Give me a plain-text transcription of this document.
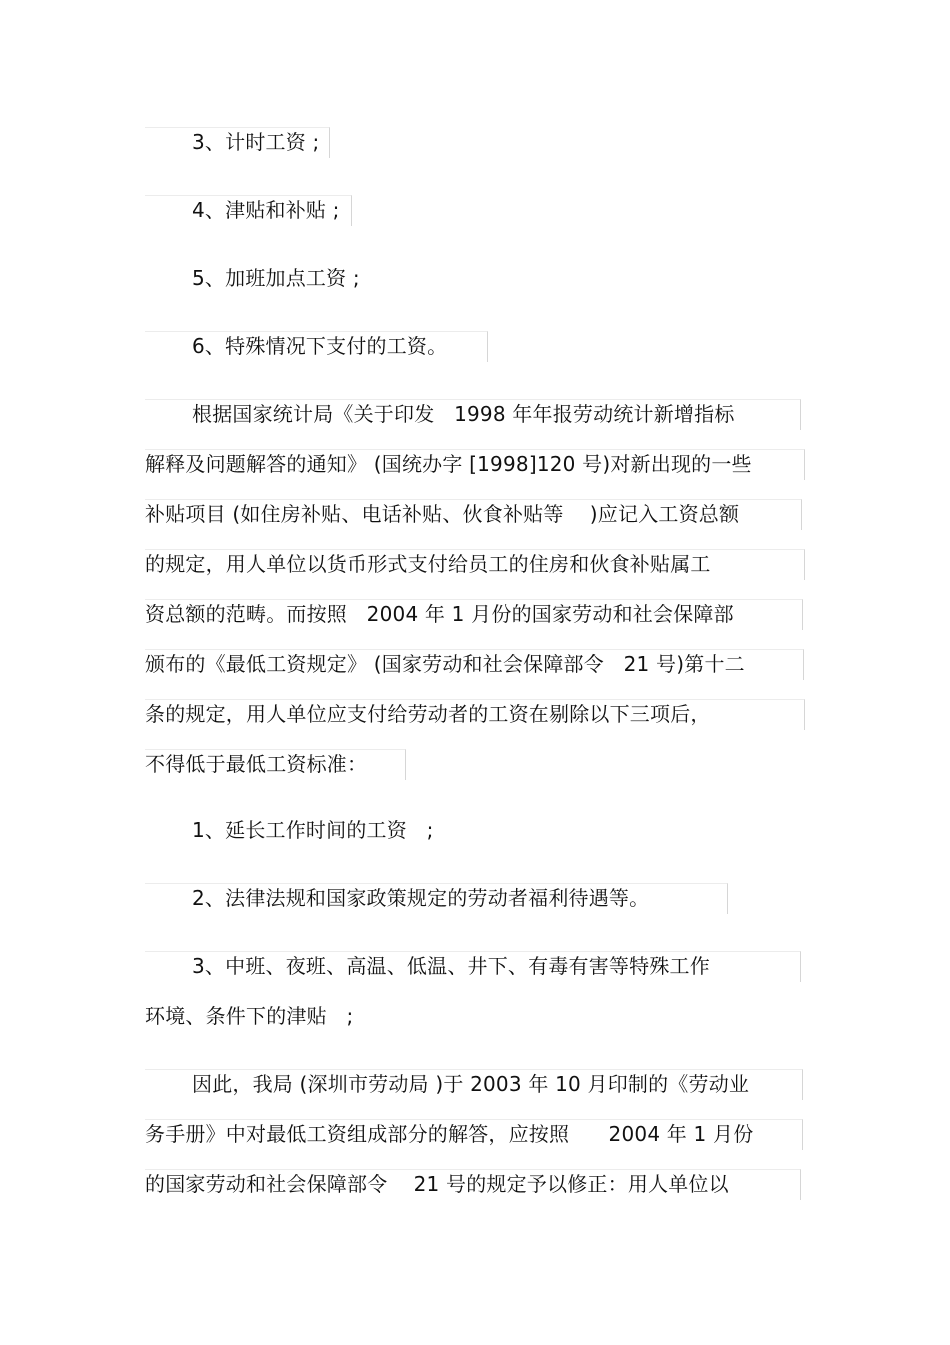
3、计时工资 ;
4、津贴和补贴 ;
5、加班加点工资 ;
6、特殊情况下支付的工资。
根据国家统计局《关于印发   1998 年年报劳动统计新增指标
解释及问题解答的通知》 (国统办字 [1998]120 号)对新出现的一些
补贴项目 (如住房补贴、电话补贴、伙食补贴等    )应记入工资总额
的规定，用人单位以货币形式支付给员工的住房和伙食补贴属工
资总额的范畴。而按照   2004 年 1 月份的国家劳动和社会保障部
颁布的《最低工资规定》 (国家劳动和社会保障部令   21 号)第十二
条的规定，用人单位应支付给劳动者的工资在剔除以下三项后，
不得低于最低工资标准：
1、延长工作时间的工资   ;
2、法律法规和国家政策规定的劳动者福利待遇等。
3、中班、夜班、高温、低温、井下、有毒有害等特殊工作
环境、条件下的津贴   ;
因此，我局 (深圳市劳动局 )于 2003 年 10 月印制的《劳动业
务手册》中对最低工资组成部分的解答，应按照      2004 年 1 月份
的国家劳动和社会保障部令    21 号的规定予以修正：用人单位以
